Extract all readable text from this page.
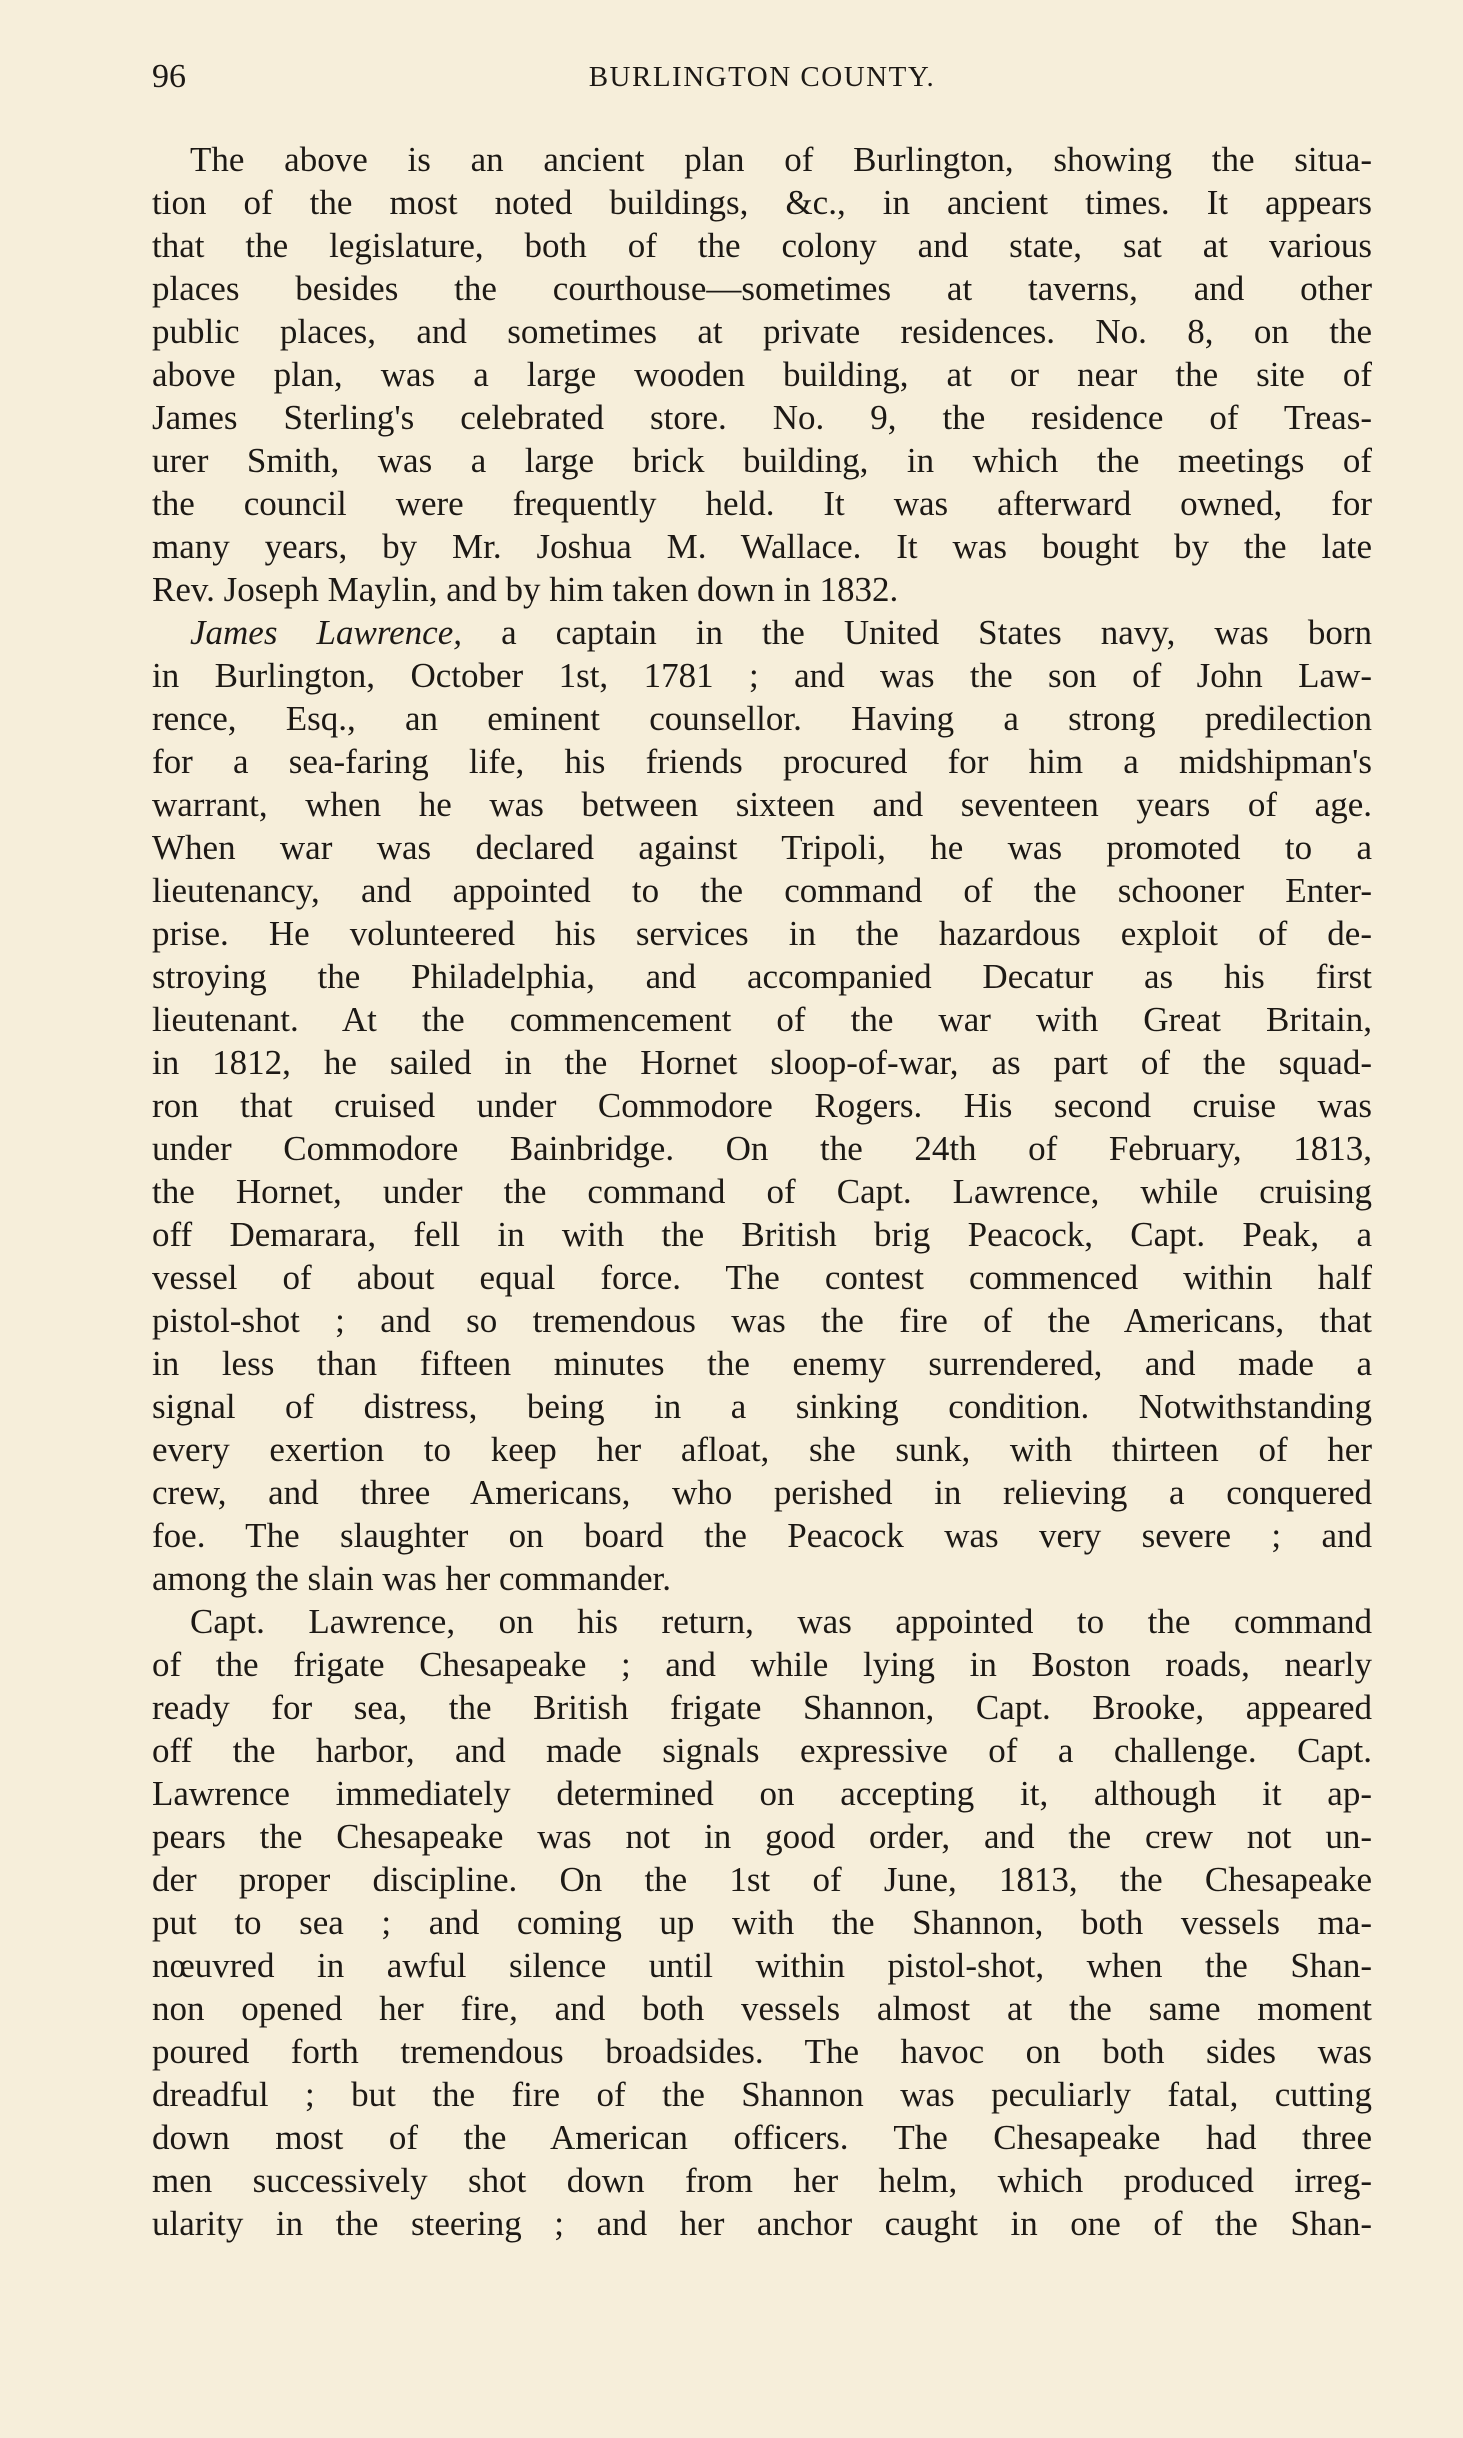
96	BURLINGTON COUNTY.
The above is an ancient plan of Burlington, showing the situa-
tion of the most noted buildings, &c., in ancient times. It appears
that the legislature, both of the colony and state, sat at various
places besides the courthouse—sometimes at taverns, and other
public places, and sometimes at private residences. No. 8, on the
above plan, was a large wooden building, at or near the site of
James Sterling's celebrated store. No. 9, the residence of Treas-
urer Smith, was a large brick building, in which the meetings of
the council were frequently held. It was afterward owned, for
many years, by Mr. Joshua M. Wallace. It was bought by the late
Rev. Joseph Maylin, and by him taken down in 1832.
James Lawrence, a captain in the United States navy, was born
in Burlington, October 1st, 1781 ; and was the son of John Law-
rence, Esq., an eminent counsellor. Having a strong predilection
for a sea-faring life, his friends procured for him a midshipman's
warrant, when he was between sixteen and seventeen years of age.
When war was declared against Tripoli, he was promoted to a
lieutenancy, and appointed to the command of the schooner Enter-
prise. He volunteered his services in the hazardous exploit of de-
stroying the Philadelphia, and accompanied Decatur as his first
lieutenant. At the commencement of the war with Great Britain,
in 1812, he sailed in the Hornet sloop-of-war, as part of the squad-
ron that cruised under Commodore Rogers. His second cruise was
under Commodore Bainbridge. On the 24th of February, 1813,
the Hornet, under the command of Capt. Lawrence, while cruising
off Demarara, fell in with the British brig Peacock, Capt. Peak, a
vessel of about equal force. The contest commenced within half
pistol-shot ; and so tremendous was the fire of the Americans, that
in less than fifteen minutes the enemy surrendered, and made a
signal of distress, being in a sinking condition. Notwithstanding
every exertion to keep her afloat, she sunk, with thirteen of her
crew, and three Americans, who perished in relieving a conquered
foe. The slaughter on board the Peacock was very severe ; and
among the slain was her commander.
Capt. Lawrence, on his return, was appointed to the command
of the frigate Chesapeake ; and while lying in Boston roads, nearly
ready for sea, the British frigate Shannon, Capt. Brooke, appeared
off the harbor, and made signals expressive of a challenge. Capt.
Lawrence immediately determined on accepting it, although it ap-
pears the Chesapeake was not in good order, and the crew not un-
der proper discipline. On the 1st of June, 1813, the Chesapeake
put to sea ; and coming up with the Shannon, both vessels ma-
nœuvred in awful silence until within pistol-shot, when the Shan-
non opened her fire, and both vessels almost at the same moment
poured forth tremendous broadsides. The havoc on both sides was
dreadful ; but the fire of the Shannon was peculiarly fatal, cutting
down most of the American officers. The Chesapeake had three
men successively shot down from her helm, which produced irreg-
ularity in the steering ; and her anchor caught in one of the Shan-
